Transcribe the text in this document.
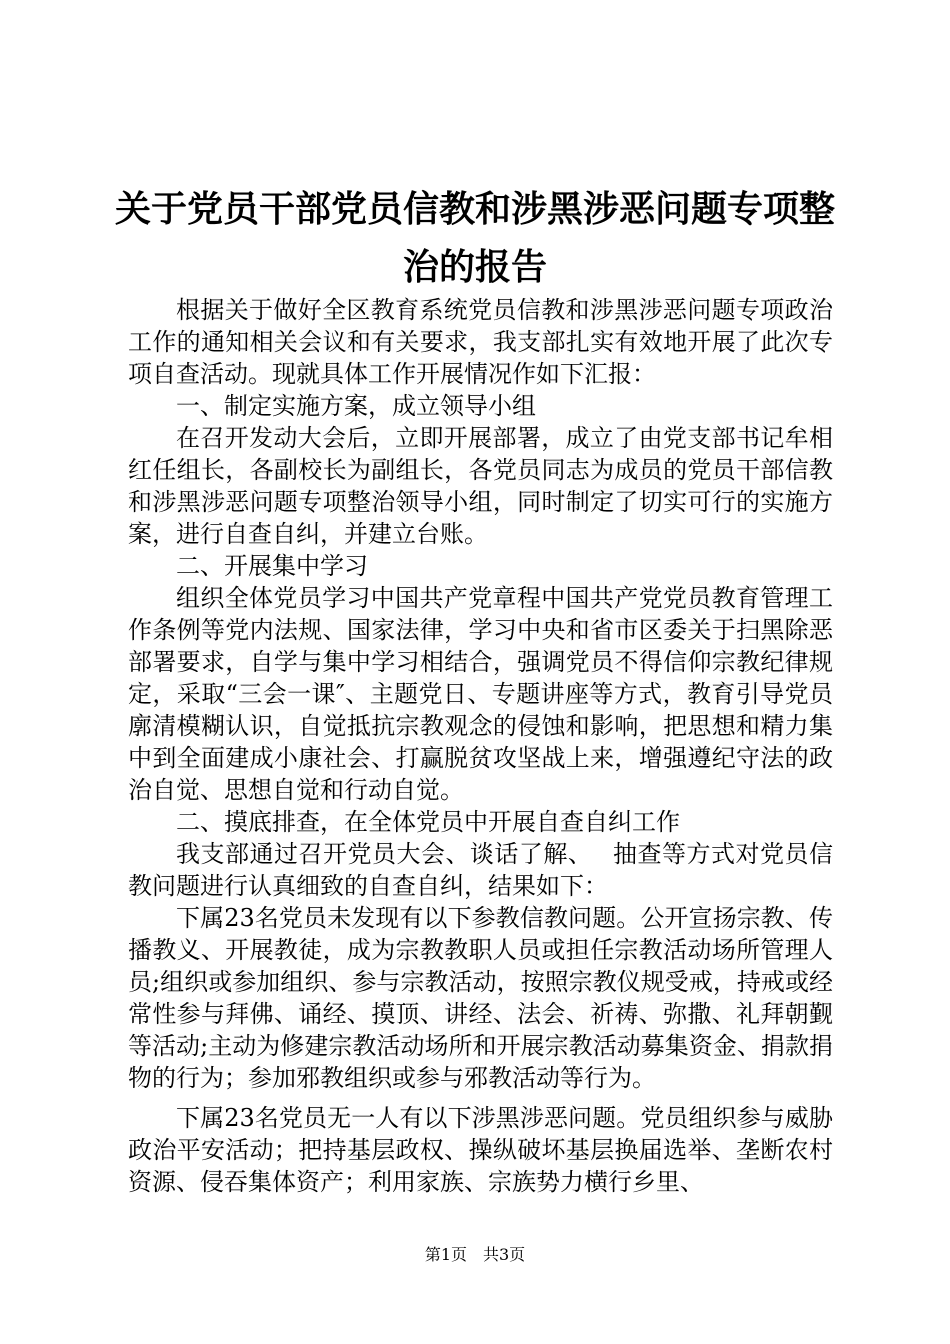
关于党员干部党员信教和涉黑涉恶问题专项整
治的报告

根据关于做好全区教育系统党员信教和涉黑涉恶问题专项政治工作的通知相关会议和有关要求，我支部扎实有效地开展了此次专项自查活动。现就具体工作开展情况作如下汇报：

一、制定实施方案，成立领导小组

在召开发动大会后，立即开展部署，成立了由党支部书记牟相红任组长，各副校长为副组长，各党员同志为成员的党员干部信教和涉黑涉恶问题专项整治领导小组，同时制定了切实可行的实施方案，进行自查自纠，并建立台账。

二、开展集中学习

组织全体党员学习中国共产党章程中国共产党党员教育管理工作条例等党内法规、国家法律，学习中央和省市区委关于扫黑除恶部署要求，自学与集中学习相结合，强调党员不得信仰宗教纪律规定，采取“三会一课″、主题党日、专题讲座等方式，教育引导党员廓清模糊认识，自觉抵抗宗教观念的侵蚀和影响，把思想和精力集中到全面建成小康社会、打赢脱贫攻坚战上来，增强遵纪守法的政治自觉、思想自觉和行动自觉。

二、摸底排查，在全体党员中开展自查自纠工作

我支部通过召开党员大会、谈话了解、　 抽查等方式对党员信教问题进行认真细致的自查自纠，结果如下：

下属23名党员未发现有以下参教信教问题。公开宣扬宗教、传播教义、开展教徒，成为宗教教职人员或担任宗教活动场所管理人员;组织或参加组织、参与宗教活动，按照宗教仪规受戒，持戒或经常性参与拜佛、诵经、摸顶、讲经、法会、祈祷、弥撒、礼拜朝觐等活动;主动为修建宗教活动场所和开展宗教活动募集资金、捐款捐物的行为；参加邪教组织或参与邪教活动等行为。

下属23名党员无一人有以下涉黑涉恶问题。党员组织参与威胁政治平安活动；把持基层政权、操纵破坏基层换届选举、垄断农村资源、侵吞集体资产；利用家族、宗族势力横行乡里、

第1页　共3页
